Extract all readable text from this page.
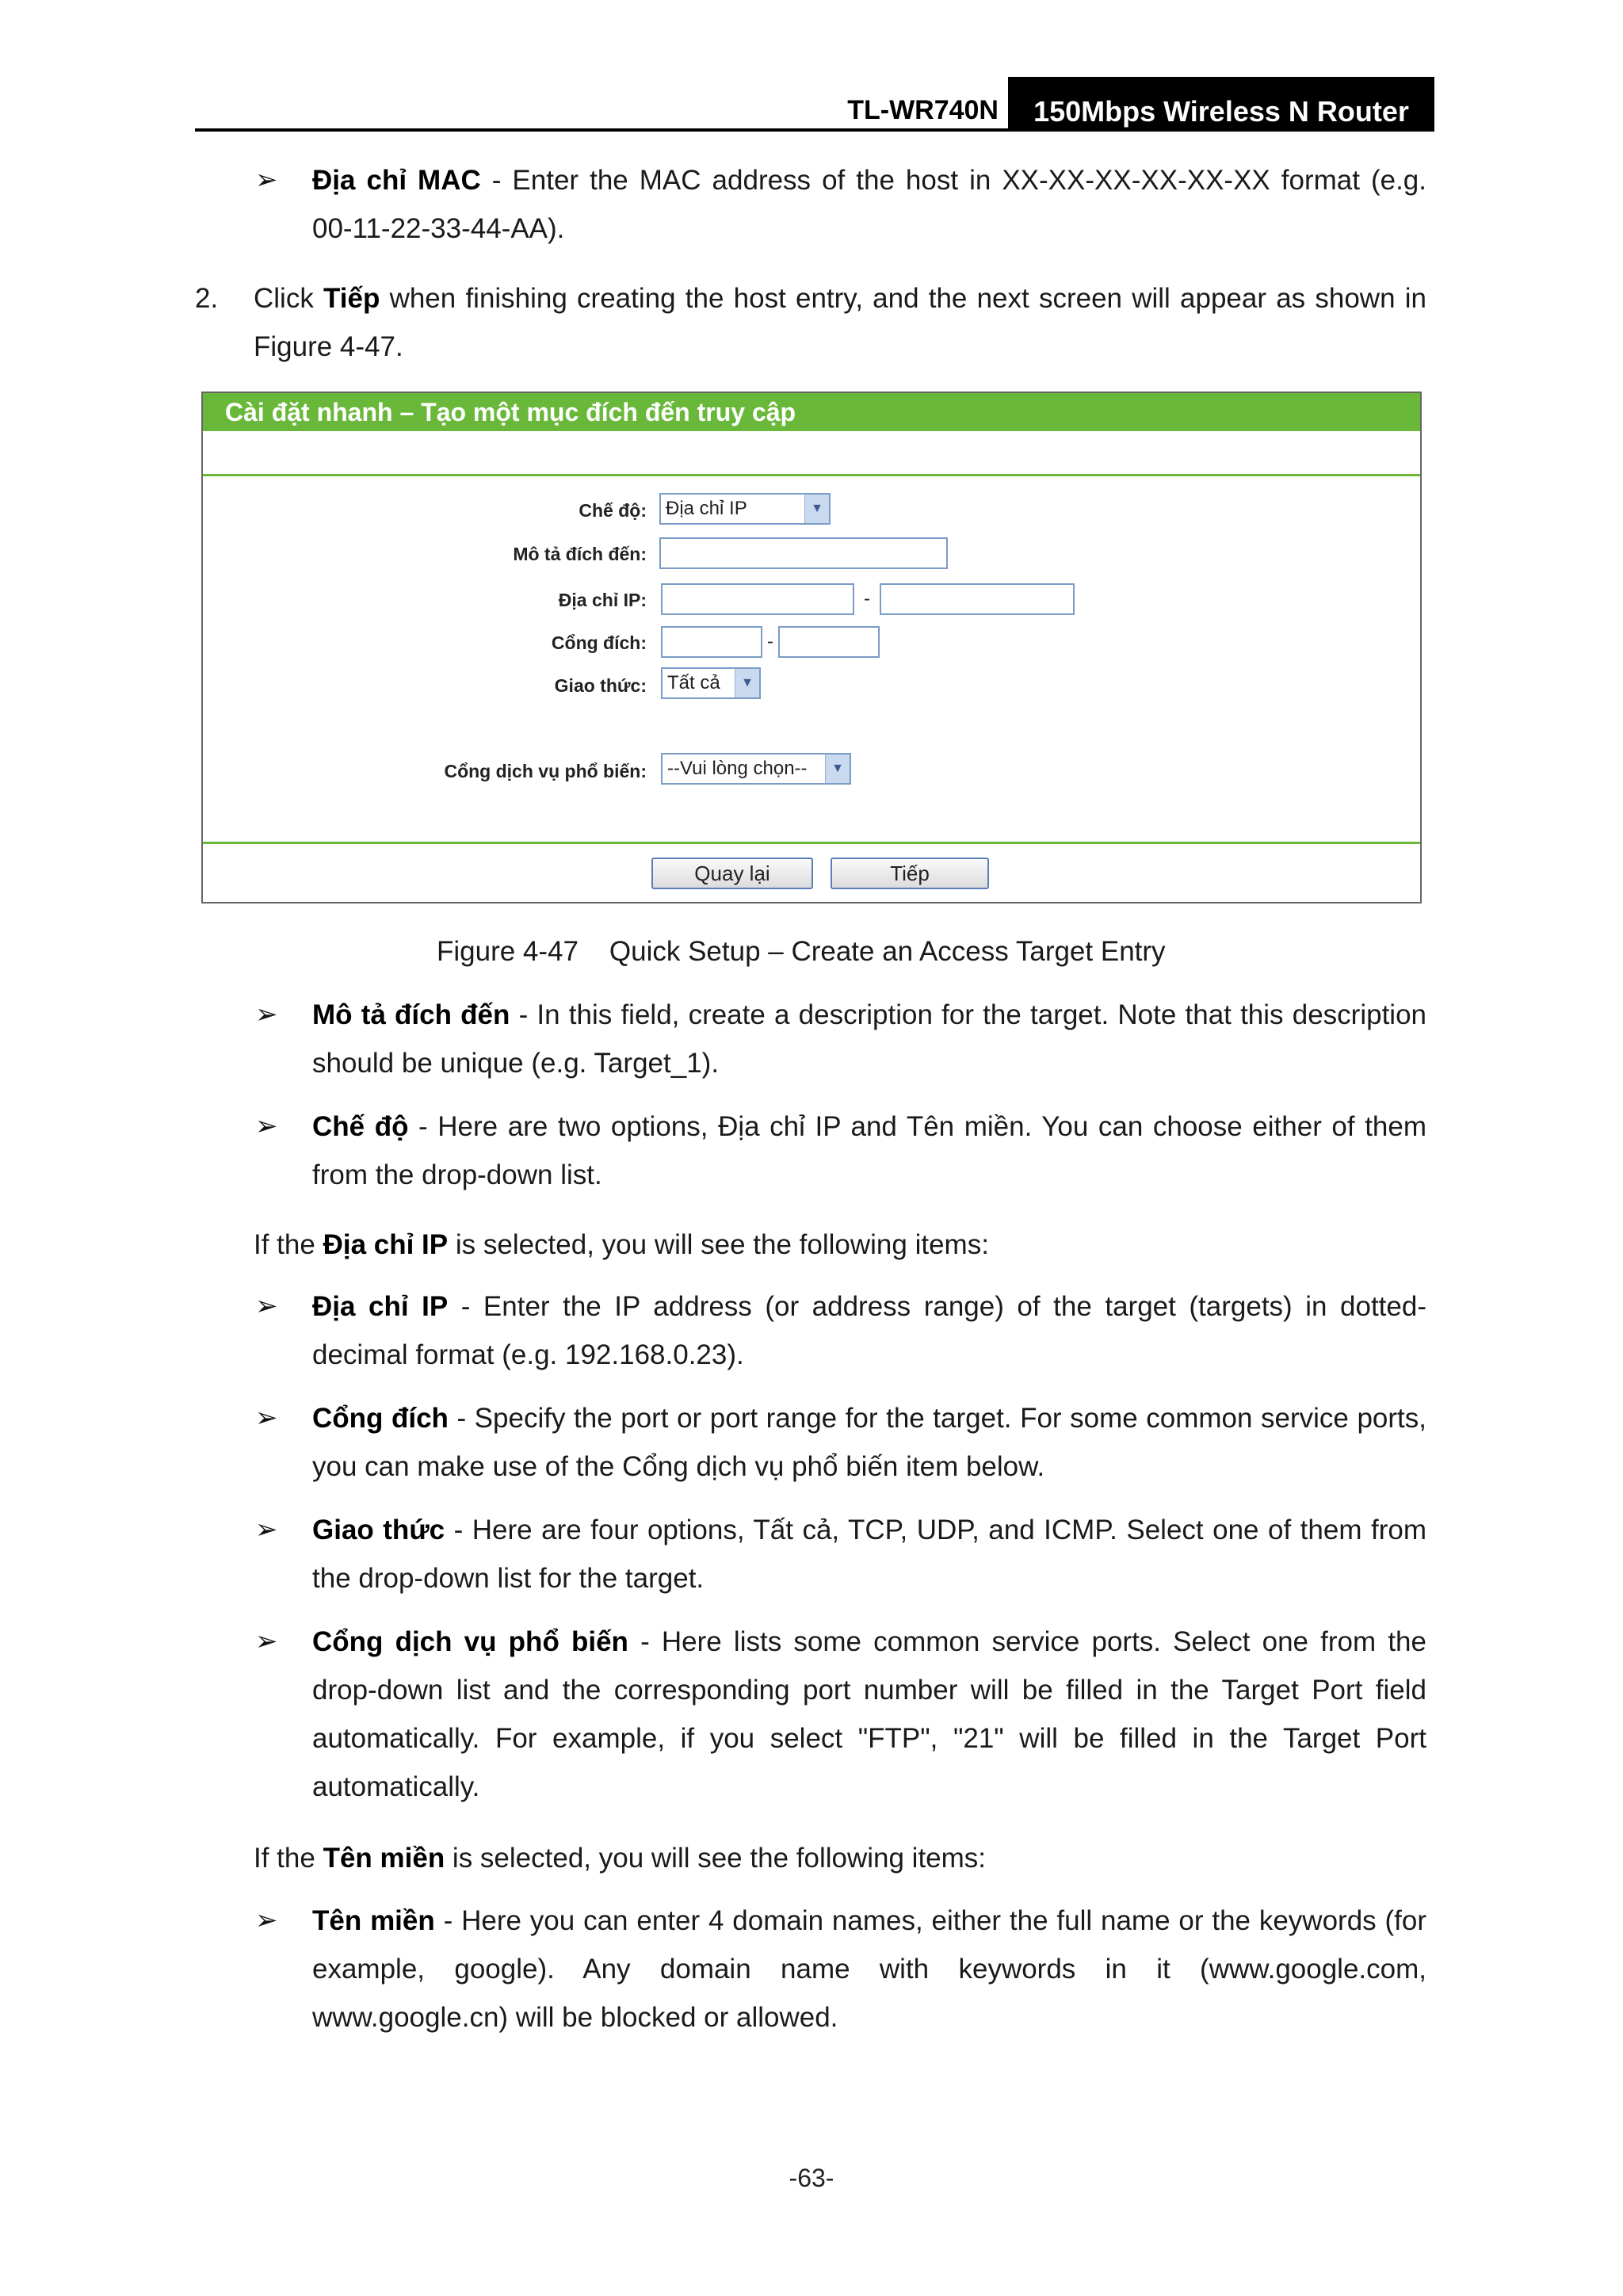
TL-WR740N	150Mbps Wireless N Router
➢ Địa chỉ MAC - Enter the MAC address of the host in XX-XX-XX-XX-XX-XX format (e.g. 00-11-22-33-44-AA).
2. Click Tiếp when finishing creating the host entry, and the next screen will appear as shown in Figure 4-47.
Cài đặt nhanh – Tạo một mục đích đến truy cập
Chế độ:	Địa chỉ IP	▼
Mô tả đích đến:
Địa chỉ IP:	-
Cổng đích:	-
Giao thức:	Tất cả	▼
Cổng dịch vụ phổ biến:	--Vui lòng chọn--	▼
Quay lại	Tiếp
Figure 4-47    Quick Setup – Create an Access Target Entry
➢ Mô tả đích đến - In this field, create a description for the target. Note that this description should be unique (e.g. Target_1).
➢ Chế độ - Here are two options, Địa chỉ IP and Tên miền. You can choose either of them from the drop-down list.
If the Địa chỉ IP is selected, you will see the following items:
➢ Địa chỉ IP - Enter the IP address (or address range) of the target (targets) in dotted-decimal format (e.g. 192.168.0.23).
➢ Cổng đích - Specify the port or port range for the target. For some common service ports, you can make use of the Cổng dịch vụ phổ biến item below.
➢ Giao thức - Here are four options, Tất cả, TCP, UDP, and ICMP. Select one of them from the drop-down list for the target.
➢ Cổng dịch vụ phổ biến - Here lists some common service ports. Select one from the drop-down list and the corresponding port number will be filled in the Target Port field automatically. For example, if you select "FTP", "21" will be filled in the Target Port automatically.
If the Tên miền is selected, you will see the following items:
➢ Tên miền - Here you can enter 4 domain names, either the full name or the keywords (for example, google). Any domain name with keywords in it (www.google.com, www.google.cn) will be blocked or allowed.
-63-
